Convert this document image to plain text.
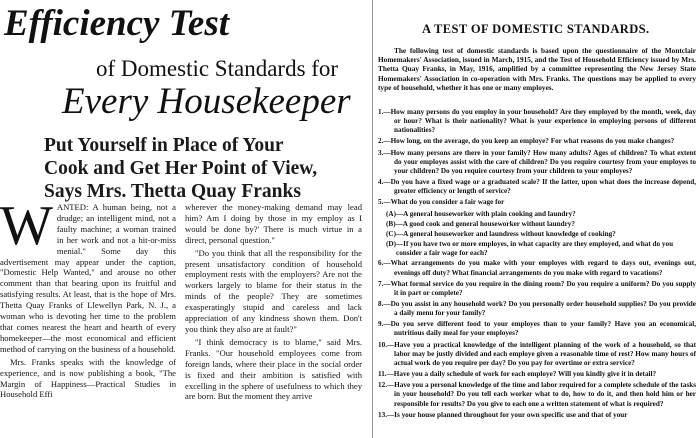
Efficiency Test
of Domestic Standards for
Every Housekeeper
Put Yourself in Place of Your
Cook and Get Her Point of View,
Says Mrs. Thetta Quay Franks

WANTED: A human being, not a drudge; an intelligent mind, not a faulty machine; a woman trained in her work and not a hit-or-miss menial." Some day this advertisement may appear under the caption, "Domestic Help Wanted," and arouse no other comment than that bearing upon its fruitful and satisfying results. At least, that is the hope of Mrs. Thetta Quay Franks of Llewellyn Park, N. J., a woman who is devoting her time to the problem that comes nearest the heart and hearth of every homekeeper—the most economical and efficient method of carrying on the business of a household.

Mrs. Franks speaks with the knowledge of experience, and is now publishing a book, "The Margin of Happiness—Practical Studies in Household Effi

wherever the money-making demand may lead him? Am I doing by those in my employ as I would be done by?' There is much virtue in a direct, personal question."

"Do you think that all the responsibility for the present unsatisfactory condition of household employment rests with the employers? Are not the workers largely to blame for their status in the minds of the people? They are sometimes exasperatingly stupid and careless and lack appreciation of any kindness shown them. Don't you think they also are at fault?"

"I think democracy is to blame," said Mrs. Franks. "Our household employees come from foreign lands, where their place in the social order is fixed and their ambition is satisfied with excelling in the sphere of usefulness to which they are born. But the moment they arrive

A TEST OF DOMESTIC STANDARDS.
The following test of domestic standards is based upon the questionnaire of the Montclair Homemakers' Association, issued in March, 1915, and the Test of Household Efficiency issued by Mrs. Thetta Quay Franks, in May, 1916, amplified by a committee representing the New Jersey State Homemakers' Association in co-operation with Mrs. Franks. The questions may be applied to every type of household, whether it has one or many employes.

1.—How many persons do you employ in your household? Are they employed by the month, week, day or hour? What is their nationality? What is your experience in employing persons of different nationalities?

2.—How long, on the average, do you keep an employe? For what reasons do you make changes?

3.—How many persons are there in your family? How many adults? Ages of children? To what extent do your employes assist with the care of children? Do you require courtesy from your employes to your children? Do you require courtesy from your children to your employes?

4.—Do you have a fixed wage or a graduated scale? If the latter, upon what does the increase depend, greater efficiency or length of service?

5.—What do you consider a fair wage for

(A)—A general houseworker with plain cooking and laundry?

(B)—A good cook and general houseworker without laundry?

(C)—A general houseworker and laundress without knowledge of cooking?

(D)—If you have two or more employes, in what capacity are they employed, and what do you consider a fair wage for each?

6.—What arrangements do you make with your employes with regard to days out, evenings out, evenings off duty? What financial arrangements do you make with regard to vacations?

7.—What formal service do you require in the dining room? Do you require a uniform? Do you supply it in part or complete?

8.—Do you assist in any household work? Do you personally order household supplies? Do you provide a daily menu for your family?

9.—Do you serve different food to your employes than to your family? Have you an economical, nutritious daily meal for your employes?

10.—Have you a practical knowledge of the intelligent planning of the work of a household, so that labor may be justly divided and each employe given a reasonable time of rest? How many hours of actual work do you require per day? Do you pay for overtime or extra service?

11.—Have you a daily schedule of work for each employe? Will you kindly give it in detail?

12.—Have you a personal knowledge of the time and labor required for a complete schedule of the tasks in your household? Do you tell each worker what to do, how to do it, and then hold him or her responsible for results? Do you give to each one a written statement of what is required?

13.—Is your house planned throughout for your own specific use and that of your
